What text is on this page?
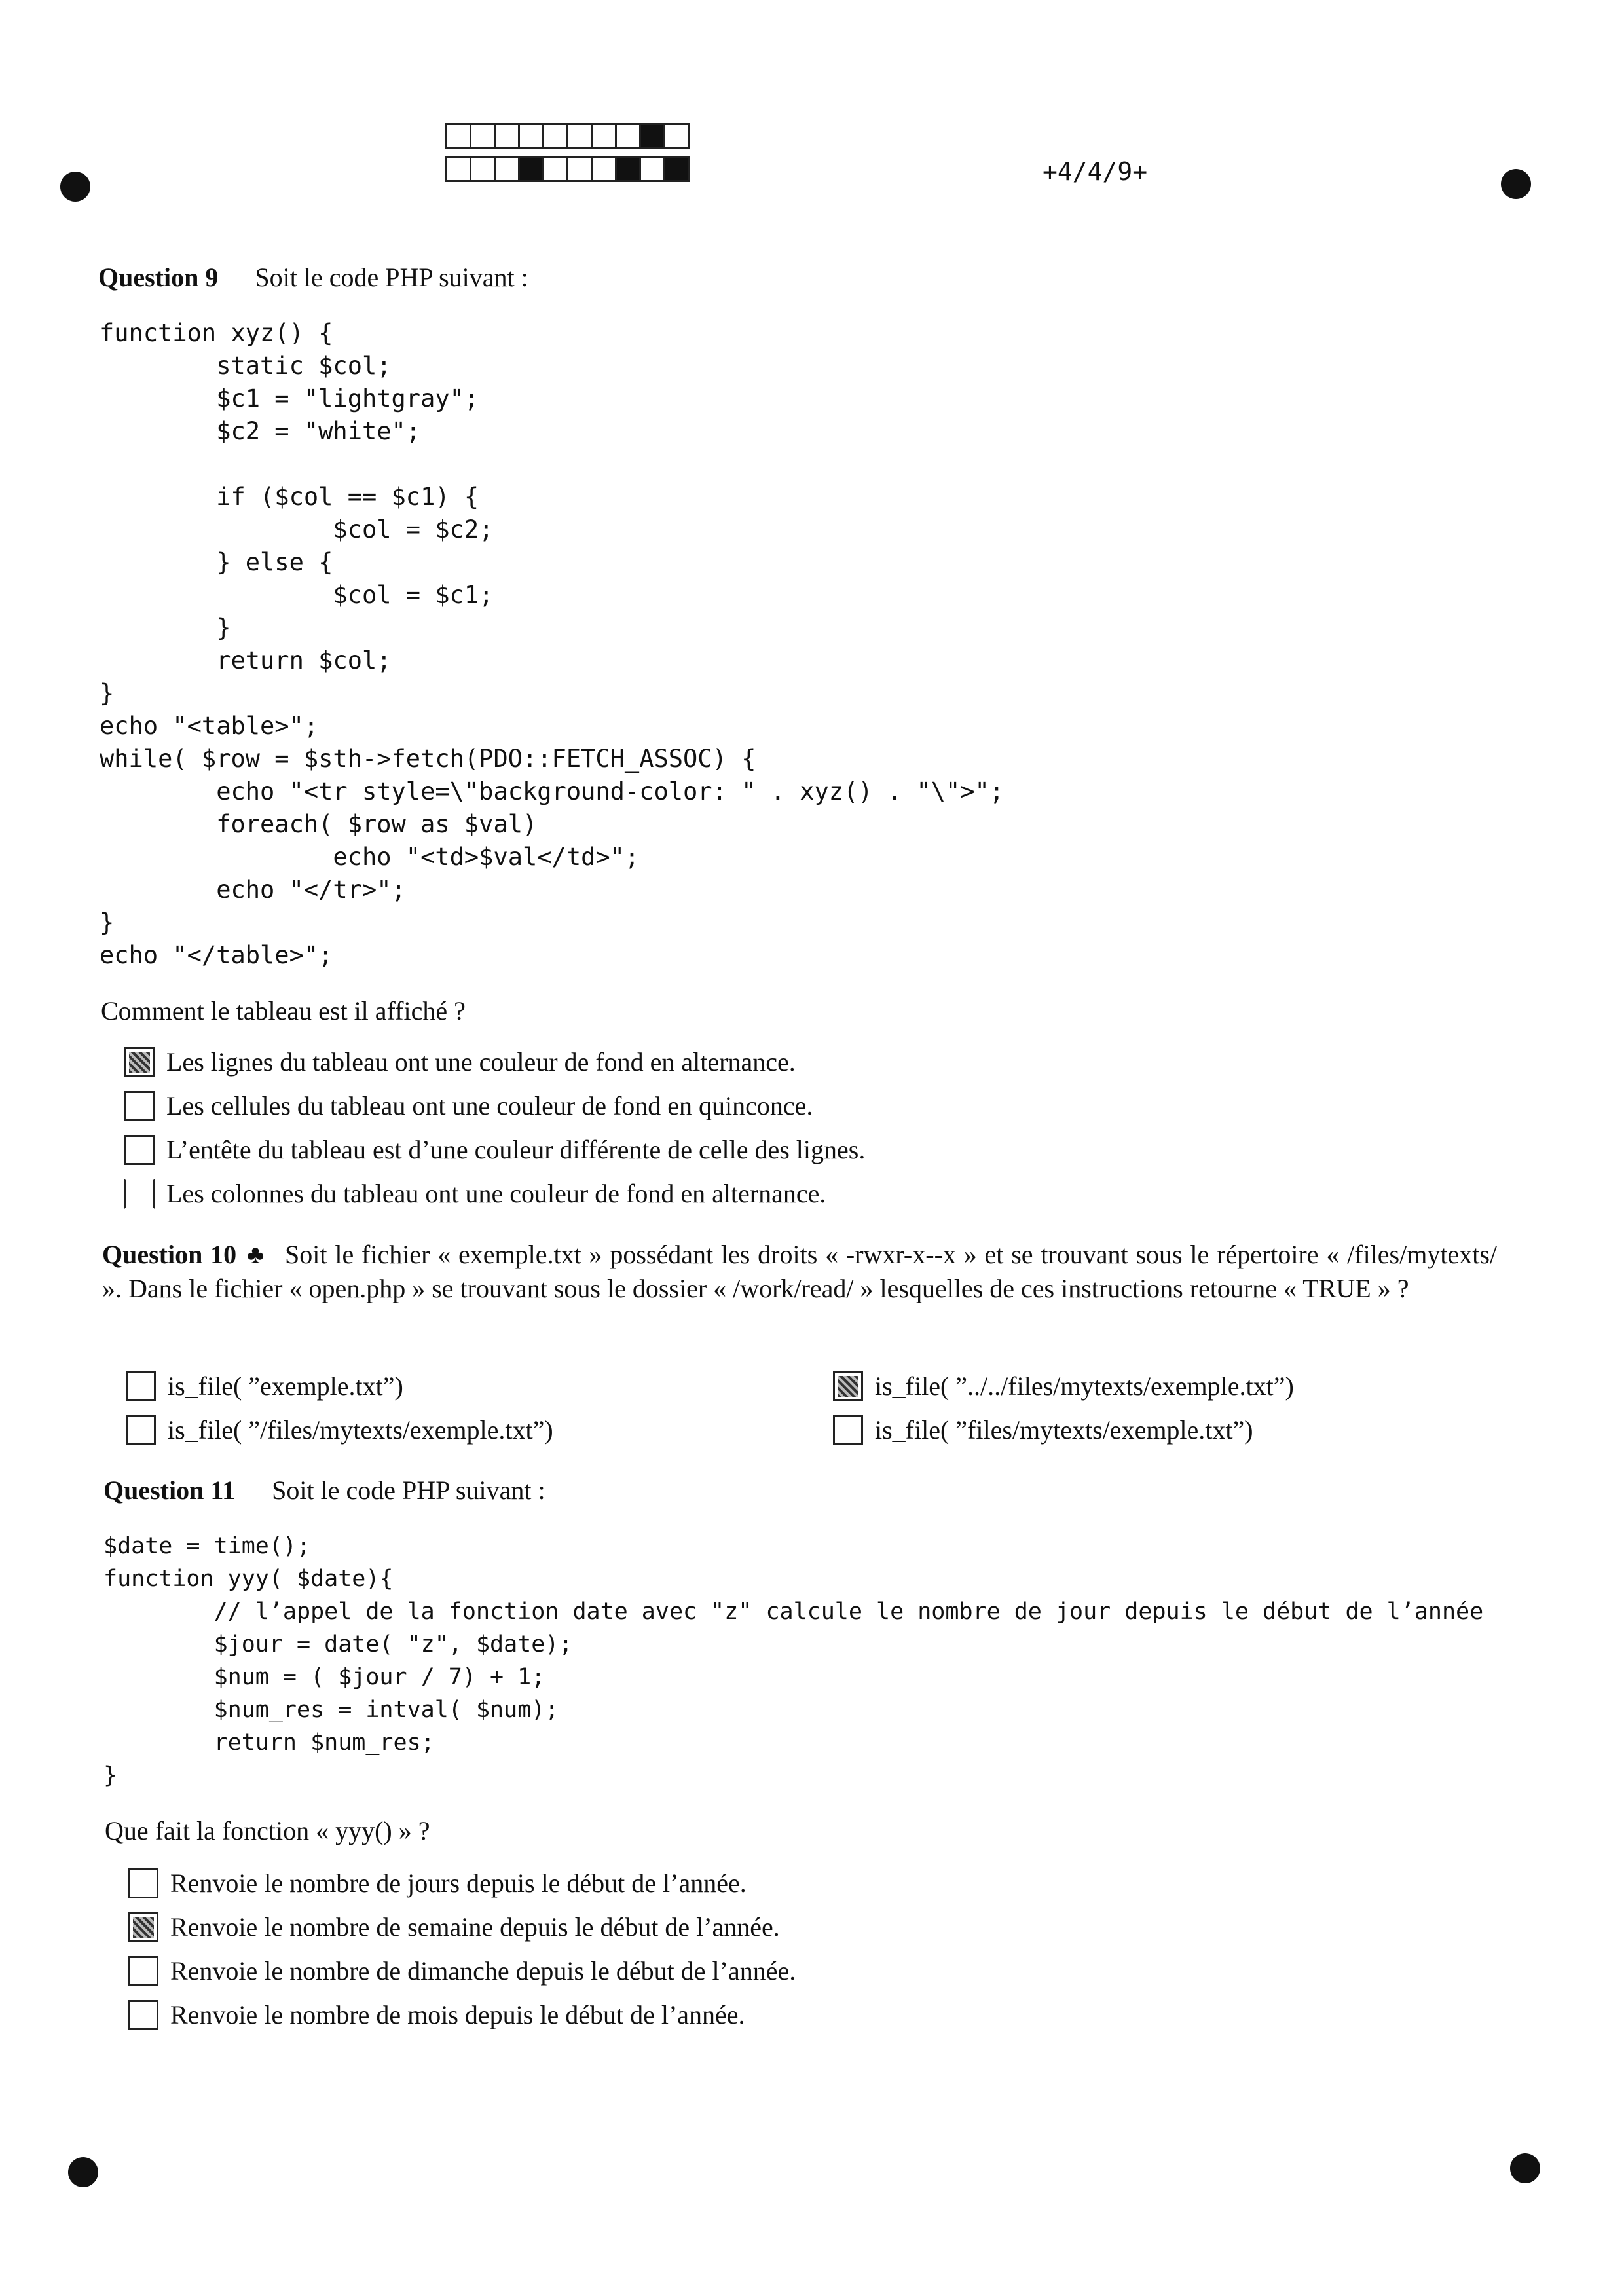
+4/4/9+
Question 9 Soit le code PHP suivant :
function xyz() {
static $col;
$c1 = "lightgray";
$c2 = "white";

if ($col == $c1) {
$col = $c2;
} else {
$col = $c1;
}
return $col;
}
echo "<table>";
while( $row = $sth->fetch(PDO::FETCH_ASSOC) {
echo "<tr style=\"background-color: " . xyz() . "\">";
foreach( $row as $val)
echo "<td>$val</td>";
echo "</tr>";
}
echo "</table>";
Comment le tableau est il affiché ?
Les lignes du tableau ont une couleur de fond en alternance.
Les cellules du tableau ont une couleur de fond en quinconce.
L’entête du tableau est d’une couleur différente de celle des lignes.
Les colonnes du tableau ont une couleur de fond en alternance.
Question 10 ♣ Soit le fichier « exemple.txt » possédant les droits « -rwxr-x--x » et se trouvant sous le répertoire « /files/mytexts/ ». Dans le fichier « open.php » se trouvant sous le dossier « /work/read/ » lesquelles de ces instructions retourne « TRUE » ?
is_file( ”exemple.txt”)
is_file( ”/files/mytexts/exemple.txt”)
is_file( ”../../files/mytexts/exemple.txt”)
is_file( ”files/mytexts/exemple.txt”)
Question 11 Soit le code PHP suivant :
$date = time();
function yyy( $date){
// l’appel de la fonction date avec "z" calcule le nombre de jour depuis le début de l’année
$jour = date( "z", $date);
$num = ( $jour / 7) + 1;
$num_res = intval( $num);
return $num_res;
}
Que fait la fonction « yyy() » ?
Renvoie le nombre de jours depuis le début de l’année.
Renvoie le nombre de semaine depuis le début de l’année.
Renvoie le nombre de dimanche depuis le début de l’année.
Renvoie le nombre de mois depuis le début de l’année.
